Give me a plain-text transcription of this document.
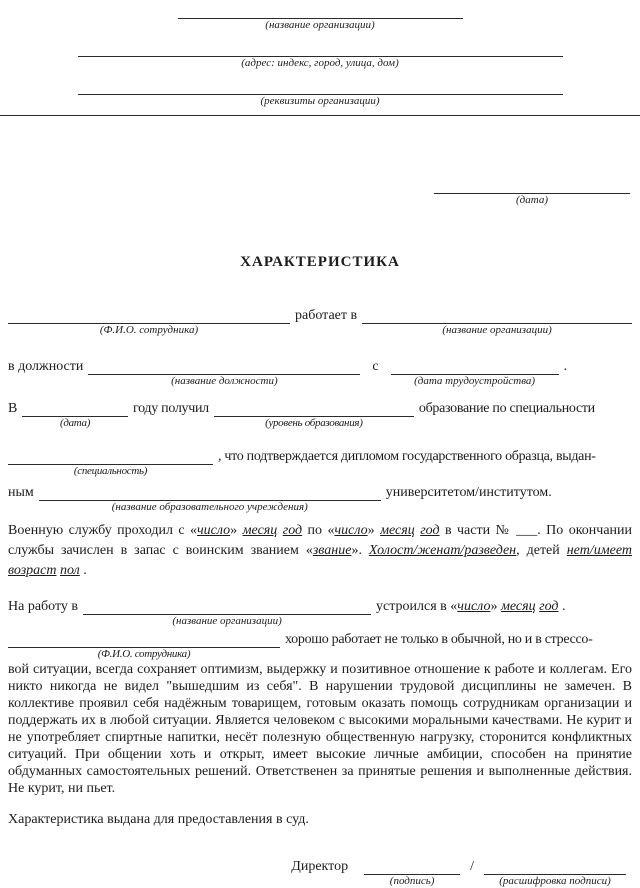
(название организации)
(адрес: индекс, город, улица, дом)
(реквизиты организации)
(дата)
ХАРАКТЕРИСТИКА
(Ф.И.О. сотрудника)
работает в
(название организации)
в должности
(название должности)
с
(дата трудоустройства)
.
В
(дата)
году получил
(уровень образования)
образование по специальности
(специальность)
, что подтверждается дипломом государственного образца, выдан-
ным
(название образовательного учреждения)
университетом/институтом.

Военную службу проходил с «число» месяц год по «число» месяц год в части № ___. По окончании службы зачислен в запас с воинским званием «звание». Холост/женат/разведен, детей нет/имеет возраст пол .

На работу в
(название организации)
устроился в «число» месяц год .
(Ф.И.О. сотрудника)
хорошо работает не только в обычной, но и в стрессо-

вой ситуации, всегда сохраняет оптимизм, выдержку и позитивное отношение к работе и коллегам. Его никто никогда не видел "вышедшим из себя". В нарушении трудовой дисциплины не замечен. В коллективе проявил себя надёжным товарищем, готовым оказать помощь сотрудникам организации и поддержать их в любой ситуации. Является человеком с высокими моральными качествами. Не курит и не употребляет спиртные напитки, несёт полезную общественную нагрузку, сторонится конфликтных ситуаций. При общении хоть и открыт, имеет высокие личные амбиции, способен на принятие обдуманных самостоятельных решений. Ответственен за принятые решения и выполненные действия. Не курит, ни пьет.

Характеристика выдана для предоставления в суд.

Директор
(подпись)
/
(расшифровка подписи)
